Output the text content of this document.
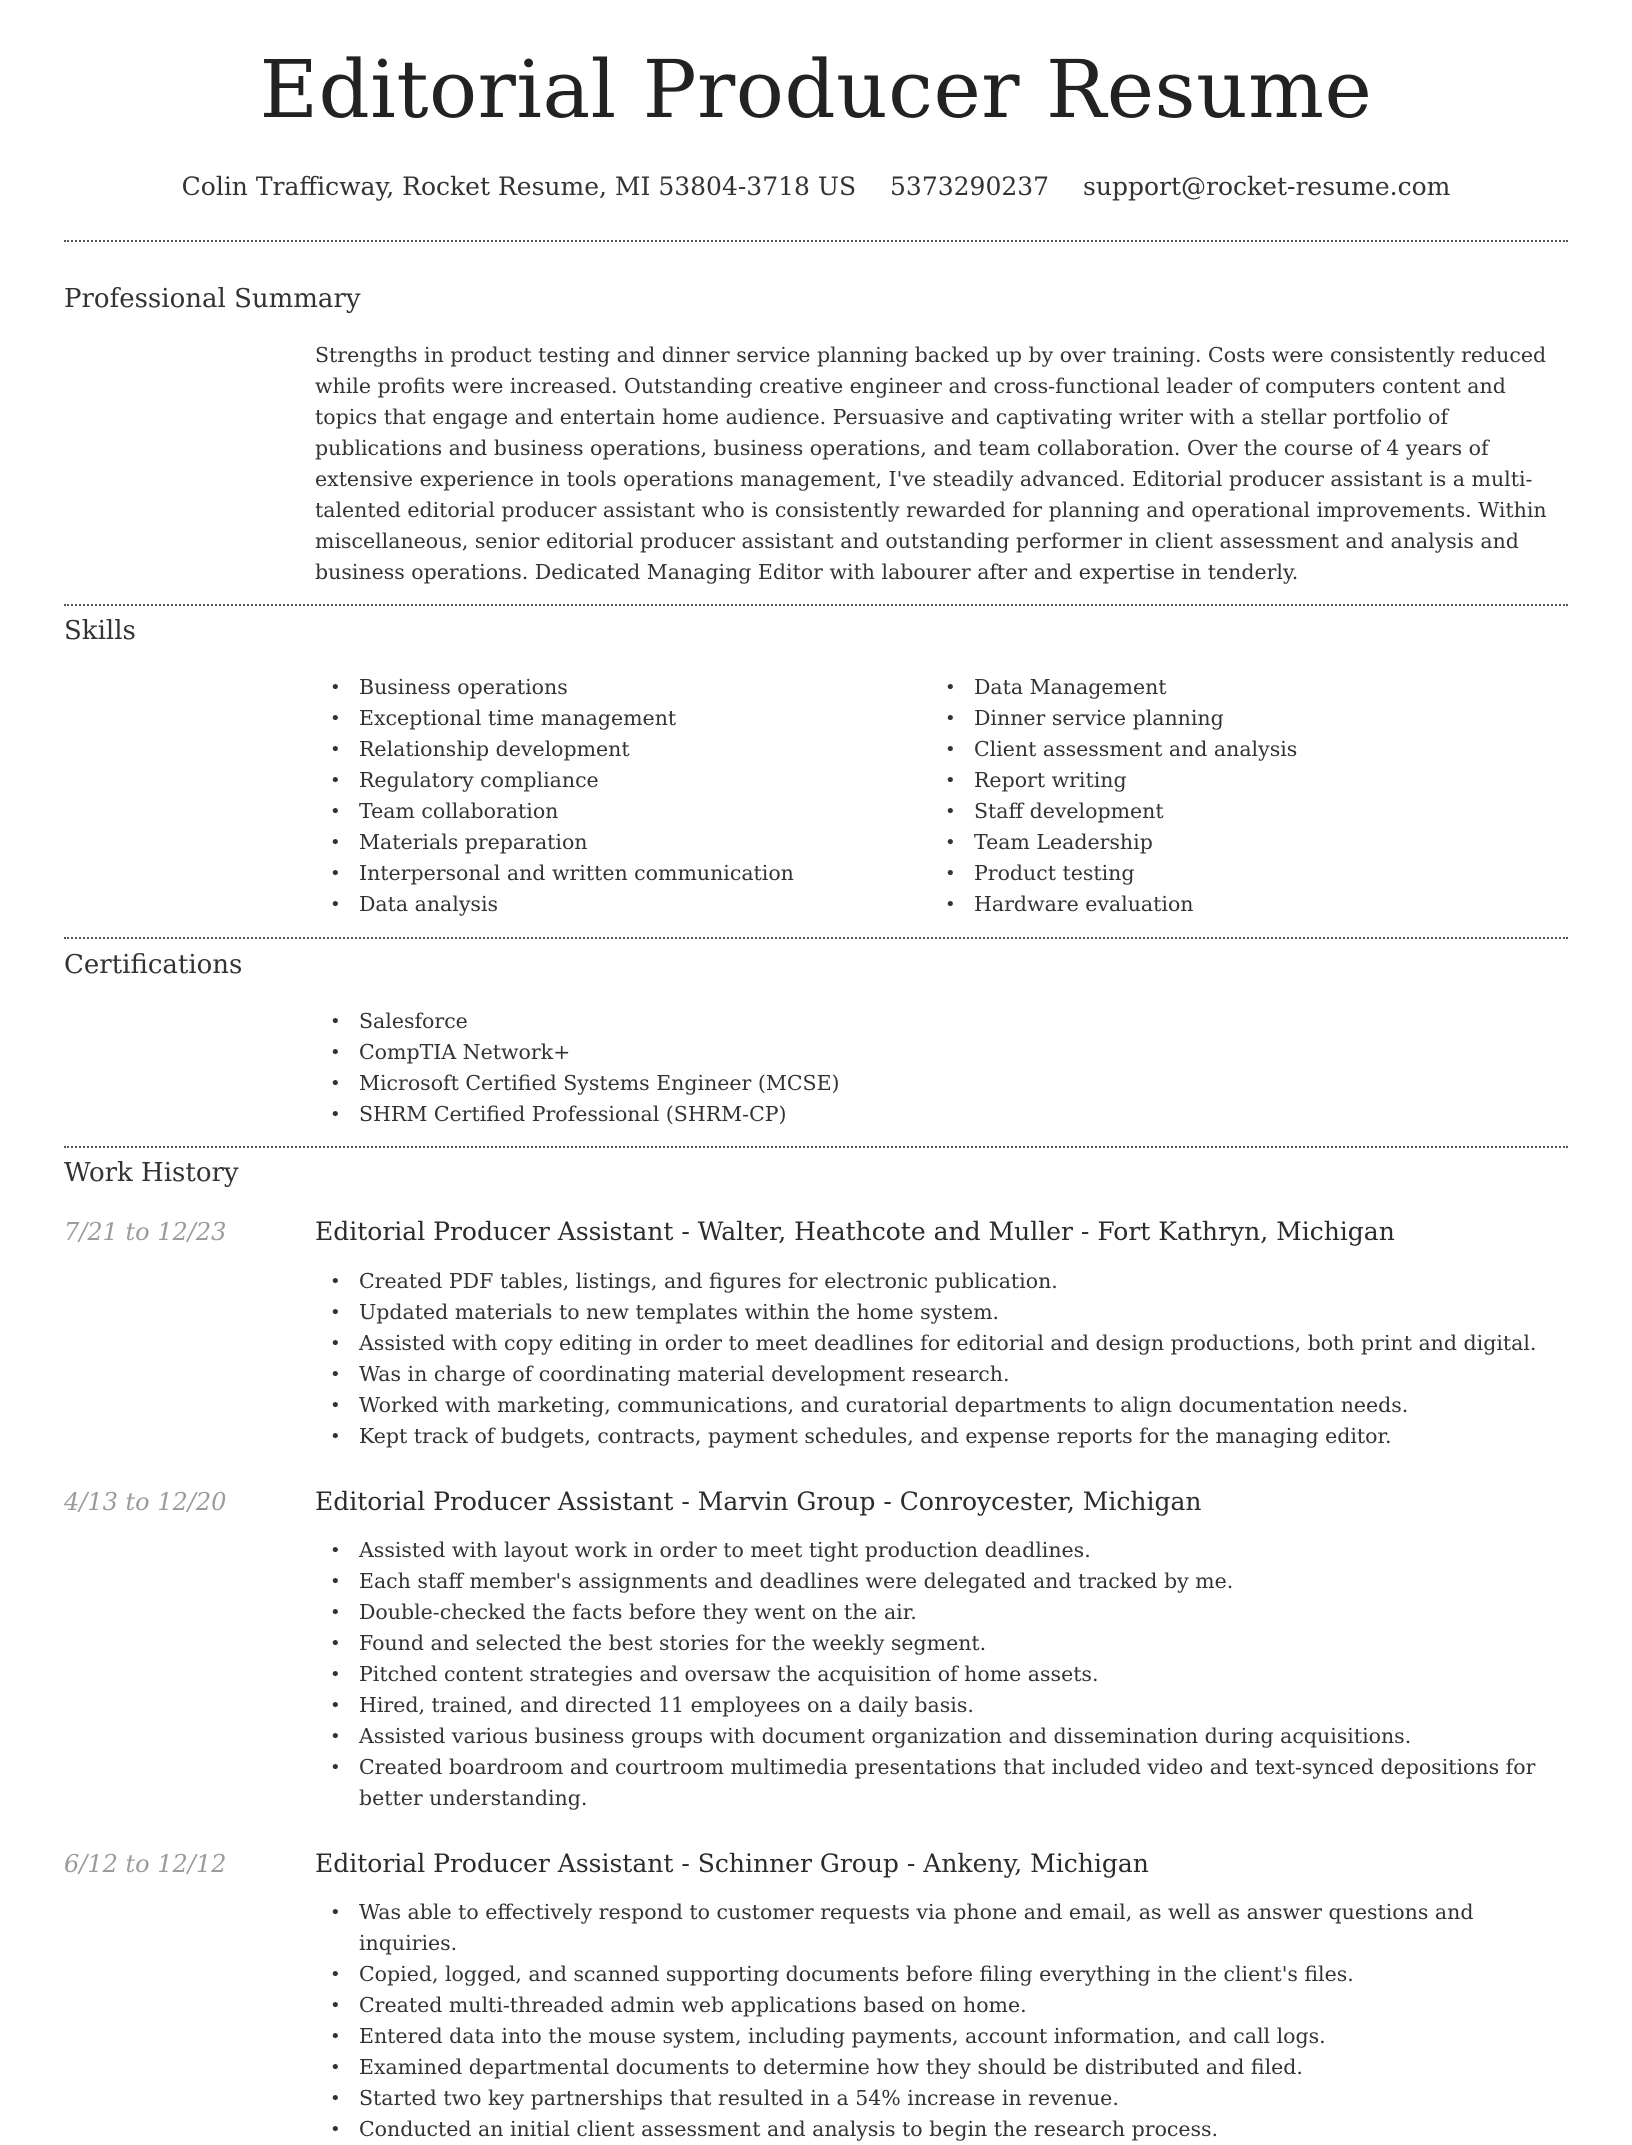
Editorial Producer Resume
Colin Trafficway, Rocket Resume, MI 53804-3718 US 5373290237 support@rocket-resume.com
Professional Summary

Strengths in product testing and dinner service planning backed up by over training. Costs were consistently reduced while profits were increased. Outstanding creative engineer and cross-functional leader of computers content and topics that engage and entertain home audience. Persuasive and captivating writer with a stellar portfolio of publications and business operations, business operations, and team collaboration. Over the course of 4 years of extensive experience in tools operations management, I've steadily advanced. Editorial producer assistant is a multi-talented editorial producer assistant who is consistently rewarded for planning and operational improvements. Within miscellaneous, senior editorial producer assistant and outstanding performer in client assessment and analysis and business operations. Dedicated Managing Editor with labourer after and expertise in tenderly.

Skills
• Business operations
• Exceptional time management
• Relationship development
• Regulatory compliance
• Team collaboration
• Materials preparation
• Interpersonal and written communication
• Data analysis
• Data Management
• Dinner service planning
• Client assessment and analysis
• Report writing
• Staff development
• Team Leadership
• Product testing
• Hardware evaluation
Certifications
• Salesforce
• CompTIA Network+
• Microsoft Certified Systems Engineer (MCSE)
• SHRM Certified Professional (SHRM-CP)
Work History
7/21 to 12/23	Editorial Producer Assistant - Walter, Heathcote and Muller - Fort Kathryn, Michigan
• Created PDF tables, listings, and figures for electronic publication.
• Updated materials to new templates within the home system.
• Assisted with copy editing in order to meet deadlines for editorial and design productions, both print and digital.
• Was in charge of coordinating material development research.
• Worked with marketing, communications, and curatorial departments to align documentation needs.
• Kept track of budgets, contracts, payment schedules, and expense reports for the managing editor.
4/13 to 12/20	Editorial Producer Assistant - Marvin Group - Conroycester, Michigan
• Assisted with layout work in order to meet tight production deadlines.
• Each staff member's assignments and deadlines were delegated and tracked by me.
• Double-checked the facts before they went on the air.
• Found and selected the best stories for the weekly segment.
• Pitched content strategies and oversaw the acquisition of home assets.
• Hired, trained, and directed 11 employees on a daily basis.
• Assisted various business groups with document organization and dissemination during acquisitions.
• Created boardroom and courtroom multimedia presentations that included video and text-synced depositions for better understanding.
6/12 to 12/12	Editorial Producer Assistant - Schinner Group - Ankeny, Michigan
• Was able to effectively respond to customer requests via phone and email, as well as answer questions and inquiries.
• Copied, logged, and scanned supporting documents before filing everything in the client's files.
• Created multi-threaded admin web applications based on home.
• Entered data into the mouse system, including payments, account information, and call logs.
• Examined departmental documents to determine how they should be distributed and filed.
• Started two key partnerships that resulted in a 54% increase in revenue.
• Conducted an initial client assessment and analysis to begin the research process.
